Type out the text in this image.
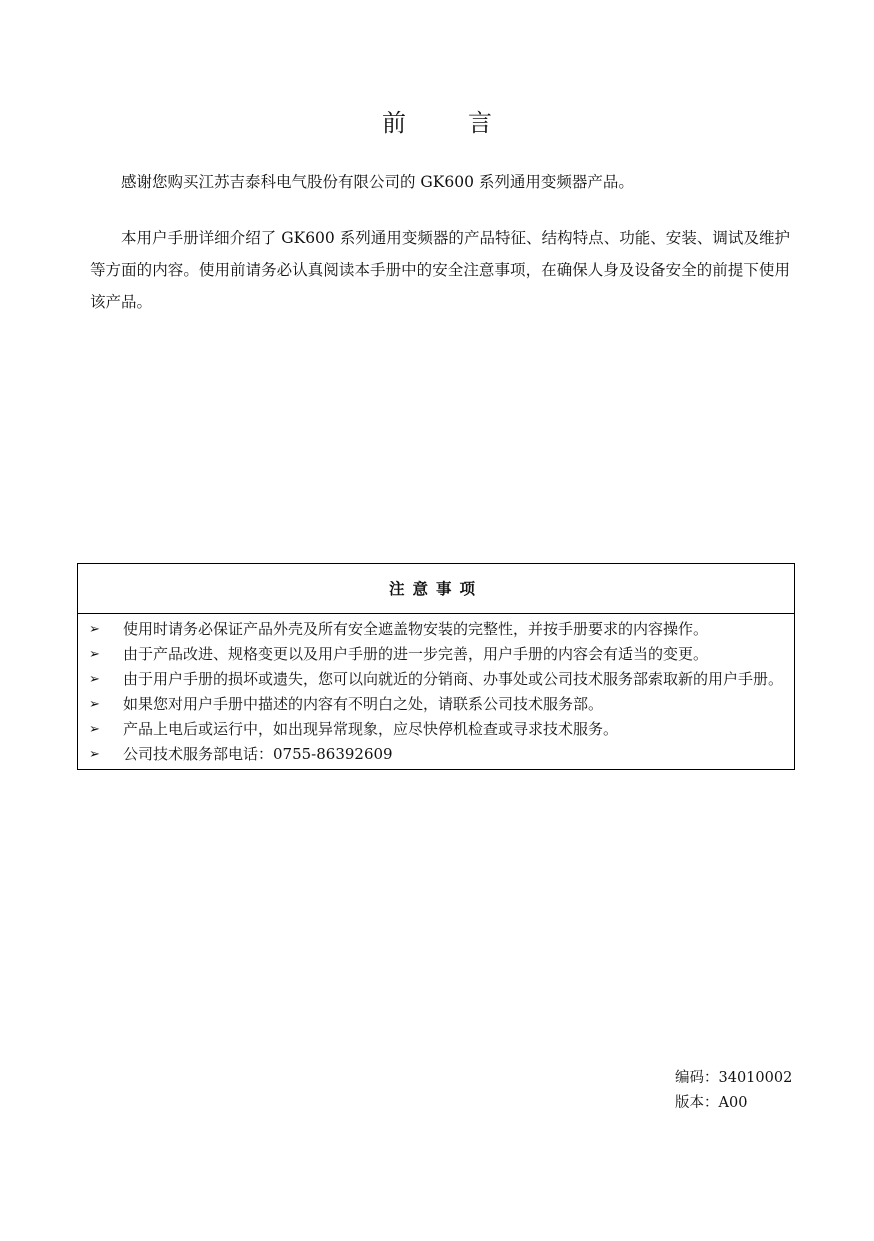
前	言
感谢您购买江苏吉泰科电气股份有限公司的 GK600 系列通用变频器产品。
本用户手册详细介绍了 GK600 系列通用变频器的产品特征、结构特点、功能、安装、调试及维护等方面的内容。使用前请务必认真阅读本手册中的安全注意事项，在确保人身及设备安全的前提下使用该产品。
注意事项
➢ 使用时请务必保证产品外壳及所有安全遮盖物安装的完整性，并按手册要求的内容操作。
➢ 由于产品改进、规格变更以及用户手册的进一步完善，用户手册的内容会有适当的变更。
➢ 由于用户手册的损坏或遗失，您可以向就近的分销商、办事处或公司技术服务部索取新的用户手册。
➢ 如果您对用户手册中描述的内容有不明白之处，请联系公司技术服务部。
➢ 产品上电后或运行中，如出现异常现象，应尽快停机检查或寻求技术服务。
➢ 公司技术服务部电话：0755-86392609
编码：34010002
版本：A00
